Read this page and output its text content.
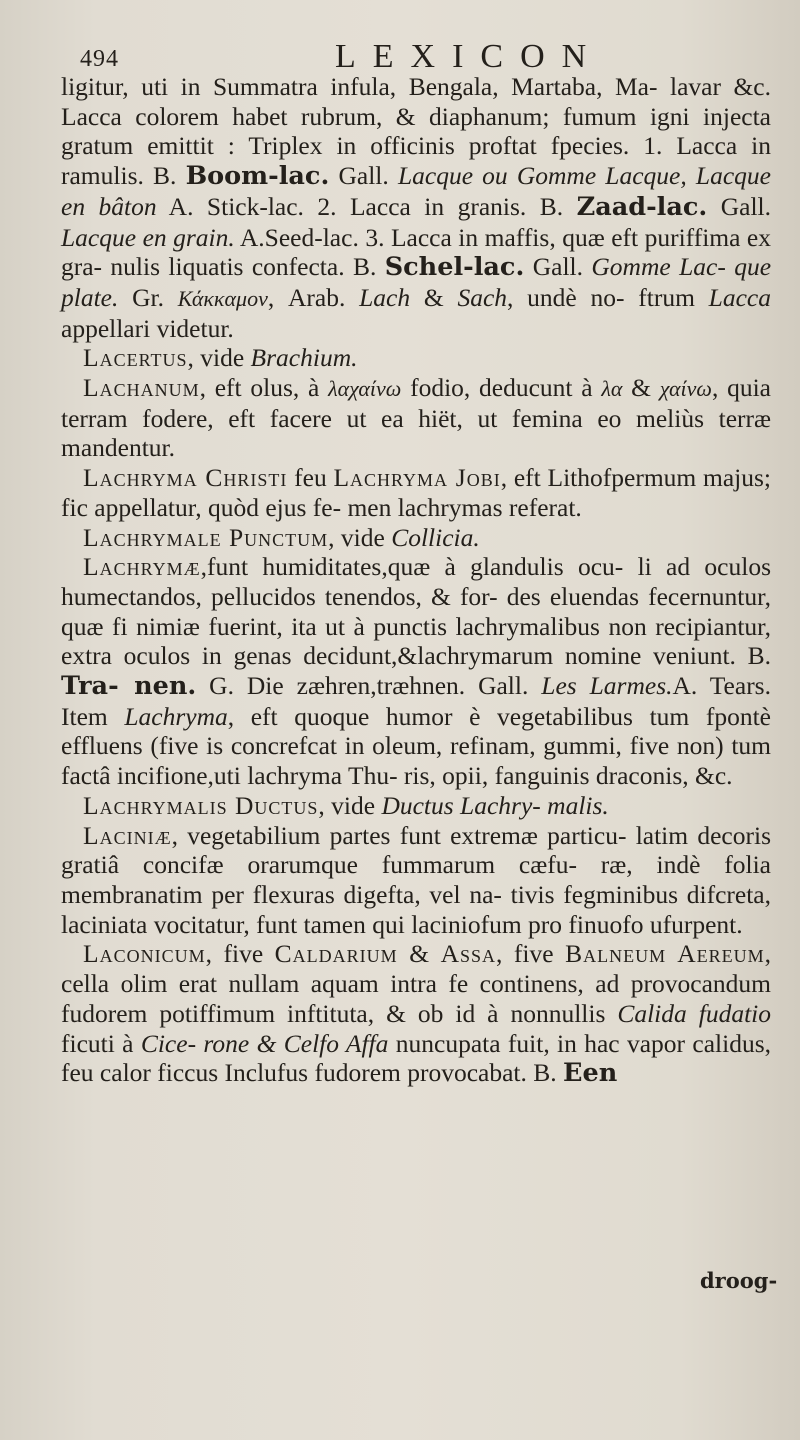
494	LEXICON

ligitur, uti in Summatra infula, Bengala, Martaba, Ma- lavar &c. Lacca colorem habet rubrum, & diaphanum; fumum igni injecta gratum emittit : Triplex in officinis proftat fpecies. 1. Lacca in ramulis. B. Boom-lac. Gall. Lacque ou Gomme Lacque, Lacque en bâton A. Stick-lac. 2. Lacca in granis. B. Zaad-lac. Gall. Lacque en grain. A.Seed-lac. 3. Lacca in maffis, quæ eft puriffima ex gra- nulis liquatis confecta. B. Schel-lac. Gall. Gomme Lac- que plate. Gr. Κάκκαμον, Arab. Lach & Sach, undè no- ftrum Lacca appellari videtur.

Lacertus, vide Brachium.

Lachanum, eft olus, à λαχαίνω fodio, deducunt à λα & χαίνω, quia terram fodere, eft facere ut ea hiët, ut femina eo meliùs terræ mandentur.

Lachryma Christi feu Lachryma Jobi, eft Lithofpermum majus; fic appellatur, quòd ejus fe- men lachrymas referat.

Lachrymale Punctum, vide Collicia.

Lachrymæ,funt humiditates,quæ à glandulis ocu- li ad oculos humectandos, pellucidos tenendos, & for- des eluendas fecernuntur, quæ fi nimiæ fuerint, ita ut à punctis lachrymalibus non recipiantur, extra oculos in genas decidunt,&lachrymarum nomine veniunt. B. Tra- nen. G. Die zæhren,træhnen. Gall. Les Larmes.A. Tears. Item Lachryma, eft quoque humor è vegetabilibus tum fpontè effluens (five is concrefcat in oleum, refinam, gummi, five non) tum factâ incifione,uti lachryma Thu- ris, opii, fanguinis draconis, &c.

Lachrymalis Ductus, vide Ductus Lachry- malis.

Laciniæ, vegetabilium partes funt extremæ particu- latim decoris gratiâ concifæ orarumque fummarum cæfu- ræ, indè folia membranatim per flexuras digefta, vel na- tivis fegminibus difcreta, laciniata vocitatur, funt tamen qui laciniofum pro finuofo ufurpent.

Laconicum, five Caldarium & Assa, five Balneum Aereum, cella olim erat nullam aquam intra fe continens, ad provocandum fudorem potiffimum inftituta, & ob id à nonnullis Calida fudatio ficuti à Cice- rone & Celfo Affa nuncupata fuit, in hac vapor calidus, feu calor ficcus Inclufus fudorem provocabat. B. Een

droog-
